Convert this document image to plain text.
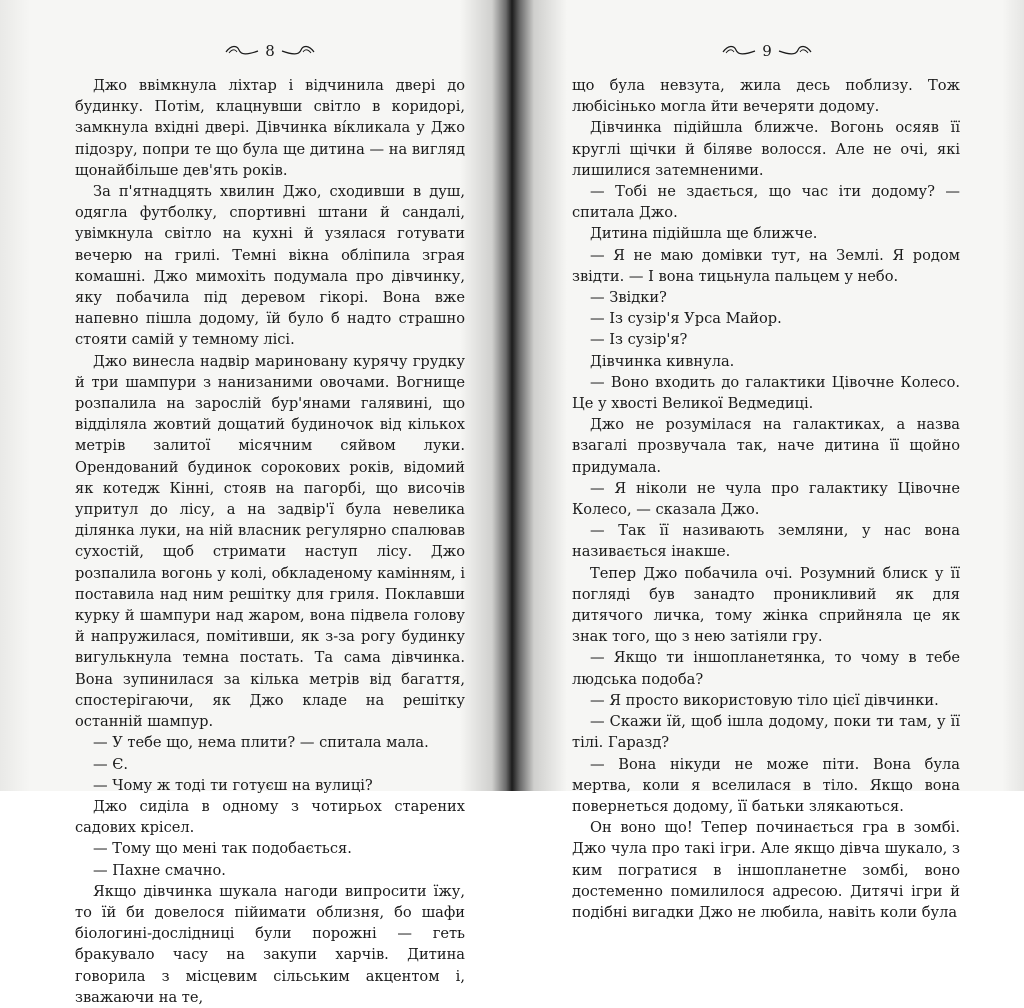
8

Джо ввімкнула ліхтар і відчинила двері до будинку. Потім, клацнувши світло в коридорі, замкнула вхідні двері. Дівчинка вíкликала у Джо підозру, попри те що була ще дитина — на вигляд щонайбільше дев'ять років.

За п'ятнадцять хвилин Джо, сходивши в душ, одягла футболку, спортивні штани й сандалі, увімкнула світло на кухні й узялася готувати вечерю на грилі. Темні вікна обліпила зграя комашні. Джо мимохіть подумала про дівчинку, яку побачила під деревом гікорі. Вона вже напевно пішла додому, їй було б надто страшно стояти самій у темному лісі.

Джо винесла надвір мариновану курячу грудку й три шампури з нанизаними овочами. Вогнище розпалила на зарослій бур'янами галявині, що відділяла жовтий дощатий будиночок від кількох метрів залитої місячним сяйвом луки. Орендований будинок сорокових років, відомий як котедж Кінні, стояв на пагорбі, що височів упритул до лісу, а на задвір'ї була невелика ділянка луки, на ній власник регулярно спалював сухостій, щоб стримати наступ лісу. Джо розпалила вогонь у колі, обкладеному камінням, і поставила над ним решітку для гриля. Поклавши курку й шампури над жаром, вона підвела голову й напружилася, помітивши, як з-за рогу будинку вигулькнула темна постать. Та сама дівчинка. Вона зупинилася за кілька метрів від багаття, спостерігаючи, як Джо кладе на решітку останній шампур.

— У тебе що, нема плити? — спитала мала.

— Є.

— Чому ж тоді ти готуєш на вулиці?

Джо сиділа в одному з чотирьох старених садових крісел.

— Тому що мені так подобається.

— Пахне смачно.

Якщо дівчинка шукала нагоди випросити їжу, то їй би довелося пійимати облизня, бо шафи біологині-дослідниці були порожні — геть бракувало часу на закупи харчів. Дитина говорила з місцевим сільським акцентом і, зважаючи на те,

9

що була невзута, жила десь поблизу. Тож любісінько могла йти вечеряти додому.

Дівчинка підійшла ближче. Вогонь осяяв її круглі щічки й біляве волосся. Але не очі, які лишилися затемненими.

— Тобі не здається, що час іти додому? — спитала Джо.

Дитина підійшла ще ближче.

— Я не маю домівки тут, на Землі. Я родом звідти. — І вона тицьнула пальцем у небо.

— Звідки?

— Із сузір'я Урса Майор.

— Із сузір'я?

Дівчинка кивнула.

— Воно входить до галактики Цівочне Колесо. Це у хвості Великої Ведмедиці.

Джо не розумілася на галактиках, а назва взагалі прозвучала так, наче дитина її щойно придумала.

— Я ніколи не чула про галактику Цівочне Колесо, — сказала Джо.

— Так її називають земляни, у нас вона називається інакше.

Тепер Джо побачила очі. Розумний блиск у її погляді був занадто проникливий як для дитячого личка, тому жінка сприйняла це як знак того, що з нею затіяли гру.

— Якщо ти іншопланетянка, то чому в тебе людська подоба?

— Я просто використовую тіло цієї дівчинки.

— Скажи їй, щоб ішла додому, поки ти там, у її тілі. Гаразд?

— Вона нікуди не може піти. Вона була мертва, коли я вселилася в тіло. Якщо вона повернеться додому, її батьки злякаються.

Он воно що! Тепер починається гра в зомбі. Джо чула про такі ігри. Але якщо дівча шукало, з ким погратися в іншопланетне зомбі, воно достеменно помилилося адресою. Дитячі ігри й подібні вигадки Джо не любила, навіть коли була
